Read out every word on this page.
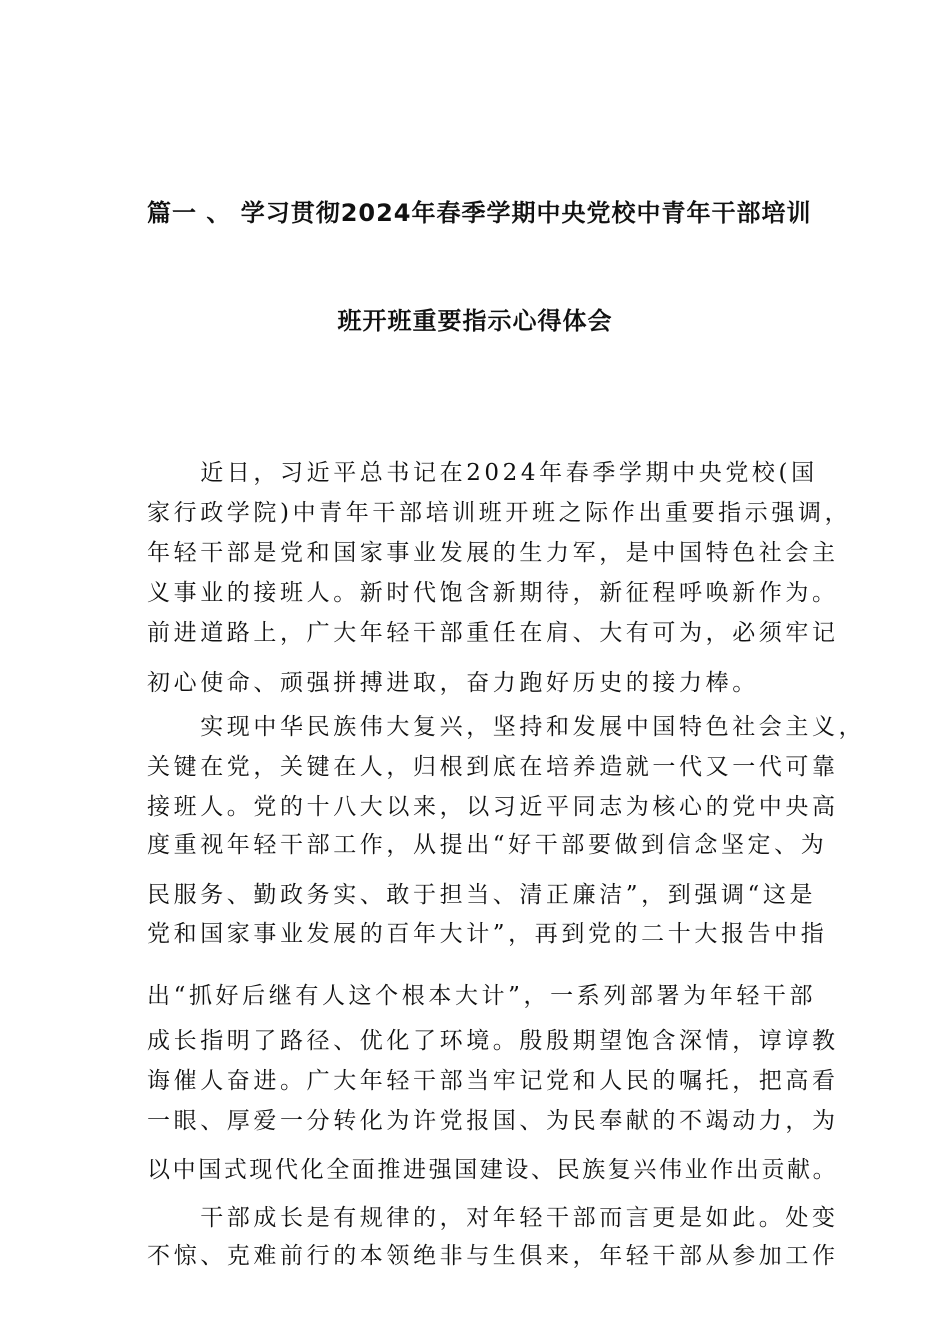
篇一 、 学习贯彻2024年春季学期中央党校中青年干部培训
班开班重要指示心得体会
　　近日，习近平总书记在2024年春季学期中央党校(国
家行政学院)中青年干部培训班开班之际作出重要指示强调，
年轻干部是党和国家事业发展的生力军，是中国特色社会主
义事业的接班人。新时代饱含新期待，新征程呼唤新作为。
前进道路上，广大年轻干部重任在肩、大有可为，必须牢记
初心使命、顽强拼搏进取，奋力跑好历史的接力棒。
　　实现中华民族伟大复兴，坚持和发展中国特色社会主义，
关键在党，关键在人，归根到底在培养造就一代又一代可靠
接班人。党的十八大以来，以习近平同志为核心的党中央高
度重视年轻干部工作，从提出“好干部要做到信念坚定、为
民服务、勤政务实、敢于担当、清正廉洁”，到强调“这是
党和国家事业发展的百年大计”，再到党的二十大报告中指
出“抓好后继有人这个根本大计”，一系列部署为年轻干部
成长指明了路径、优化了环境。殷殷期望饱含深情，谆谆教
诲催人奋进。广大年轻干部当牢记党和人民的嘱托，把高看
一眼、厚爱一分转化为许党报国、为民奉献的不竭动力，为
以中国式现代化全面推进强国建设、民族复兴伟业作出贡献。
　　干部成长是有规律的，对年轻干部而言更是如此。处变
不惊、克难前行的本领绝非与生俱来，年轻干部从参加工作
